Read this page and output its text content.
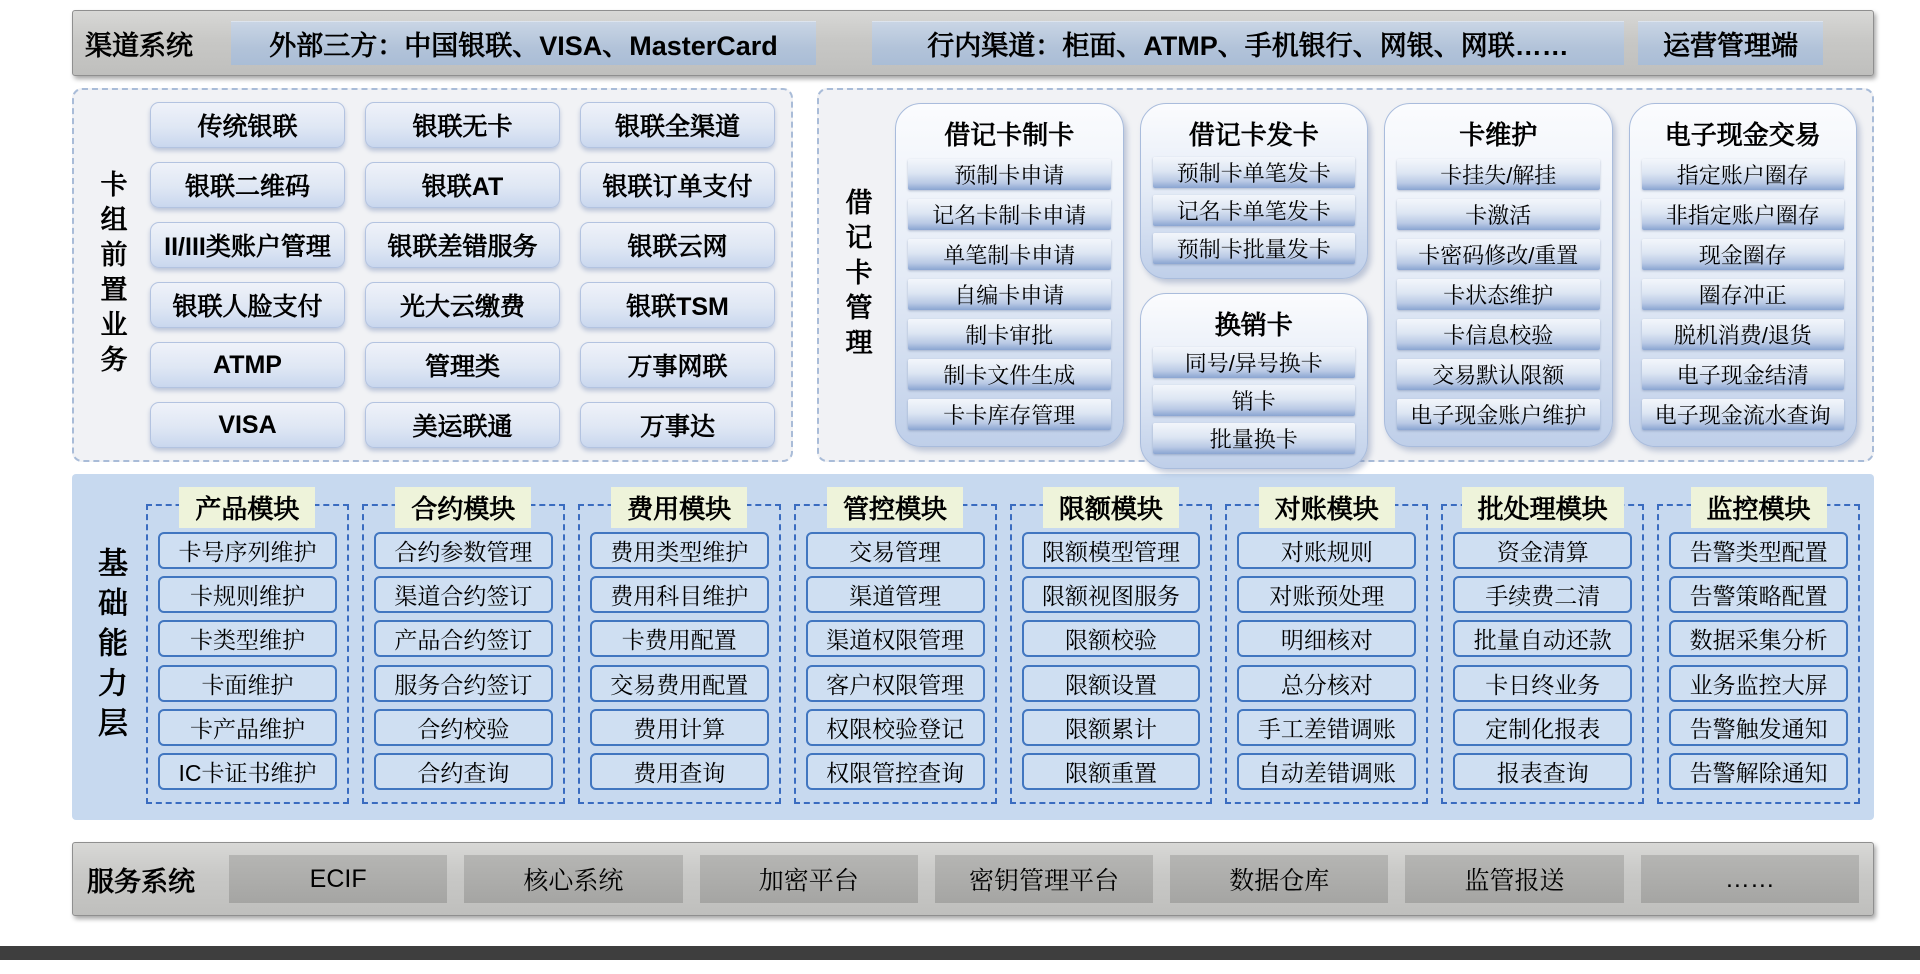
渠道系统	外部三方：中国银联、VISA、MasterCard	行内渠道：柜面、ATMP、手机银行、网银、网联……	运营管理端
卡组前置业务
传统银联	银联无卡	银联全渠道
银联二维码	银联AT	银联订单支付
II/III类账户管理	银联差错服务	银联云网
银联人脸支付	光大云缴费	银联TSM
ATMP	管理类	万事网联
VISA	美运联通	万事达
借记卡管理
借记卡制卡
预制卡申请
记名卡制卡申请
单笔制卡申请
自编卡申请
制卡审批
制卡文件生成
卡卡库存管理
借记卡发卡
预制卡单笔发卡
记名卡单笔发卡
预制卡批量发卡
换销卡
同号/异号换卡
销卡
批量换卡
卡维护
卡挂失/解挂
卡激活
卡密码修改/重置
卡状态维护
卡信息校验
交易默认限额
电子现金账户维护
电子现金交易
指定账户圈存
非指定账户圈存
现金圈存
圈存冲正
脱机消费/退货
电子现金结清
电子现金流水查询
基础能力层
产品模块
卡号序列维护
卡规则维护
卡类型维护
卡面维护
卡产品维护
IC卡证书维护
合约模块
合约参数管理
渠道合约签订
产品合约签订
服务合约签订
合约校验
合约查询
费用模块
费用类型维护
费用科目维护
卡费用配置
交易费用配置
费用计算
费用查询
管控模块
交易管理
渠道管理
渠道权限管理
客户权限管理
权限校验登记
权限管控查询
限额模块
限额模型管理
限额视图服务
限额校验
限额设置
限额累计
限额重置
对账模块
对账规则
对账预处理
明细核对
总分核对
手工差错调账
自动差错调账
批处理模块
资金清算
手续费二清
批量自动还款
卡日终业务
定制化报表
报表查询
监控模块
告警类型配置
告警策略配置
数据采集分析
业务监控大屏
告警触发通知
告警解除通知
服务系统	ECIF	核心系统	加密平台	密钥管理平台	数据仓库	监管报送	……
